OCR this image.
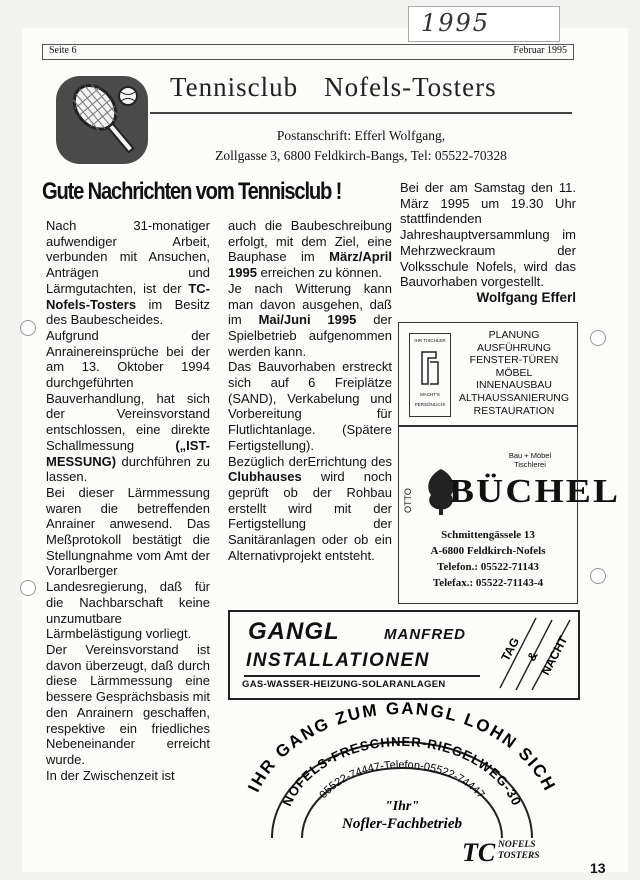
1995
Seite 6	Februar 1995
Tennisclub Nofels-Tosters
Postanschrift: Efferl Wolfgang,
Zollgasse 3, 6800 Feldkirch-Bangs, Tel: 05522-70328
Gute Nachrichten vom Tennisclub !

Nach 31-monatiger aufwendiger Arbeit, verbunden mit Ansuchen, Anträgen und Lärmgutachten, ist der TC-Nofels-Tosters im Besitz des Baubescheides.

Aufgrund der Anrainereinsprüche bei der am 13. Oktober 1994 durchgeführten Bauverhandlung, hat sich der Vereinsvorstand entschlossen, eine direkte Schallmessung („IST-MESSUNG) durchführen zu lassen.

Bei dieser Lärmmessung waren die betreffenden Anrainer anwesend. Das Meßprotokoll bestätigt die Stellungnahme vom Amt der Vorarlberger Landesregierung, daß für die Nachbarschaft keine unzumutbare Lärmbelästigung vorliegt.

Der Vereinsvorstand ist davon überzeugt, daß durch diese Lärmmessung eine bessere Gesprächsbasis mit den Anrainern geschaffen, respektive ein friedliches Nebeneinander erreicht wurde.

In der Zwischenzeit ist

auch die Baubeschreibung erfolgt, mit dem Ziel, eine Bauphase im März/April 1995 erreichen zu können.

Je nach Witterung kann man davon ausgehen, daß im Mai/Juni 1995 der Spielbetrieb aufgenommen werden kann.

Das Bauvorhaben erstreckt sich auf 6 Freiplätze (SAND), Verkabelung und Vorbereitung für Flutlichtanlage. (Spätere Fertigstellung).

Bezüglich derErrichtung des Clubhauses wird noch geprüft ob der Rohbau erstellt wird mit der Fertigstellung der Sanitäranlagen oder ob ein Alternativprojekt entsteht.

Bei der am Samstag den 11. März 1995 um 19.30 Uhr stattfindenden Jahreshauptversammlung im Mehrzweckraum der Volksschule Nofels, wird das Bauvorhaben vorgestellt.

Wolfgang Efferl

IHR TISCHLER
MACHT'S
PERSÖNLICH!
PLANUNG
AUSFÜHRUNG
FENSTER-TÜREN
MÖBEL
INNENAUSBAU
ALTHAUSSANIERUNG
RESTAURATION
Bau + Möbel
Tischlerei
OTTO BÜCHEL
Schmittengässele 13
A-6800 Feldkirch-Nofels
Telefon.: 05522-71143
Telefax.: 05522-71143-4
GANGL	MANFRED
INSTALLATIONEN
GAS-WASSER-HEIZUNG-SOLARANLAGEN
TAG &
NACHT
IHR GANG ZUM GANGL LOHN SICH
NOFELS-FRESCHNER-RIEGELWEG-30
05522-74447-Telefon-05522-74447
"Ihr"
Nofler-Fachbetrieb
TC NOFELS
TOSTERS
13
